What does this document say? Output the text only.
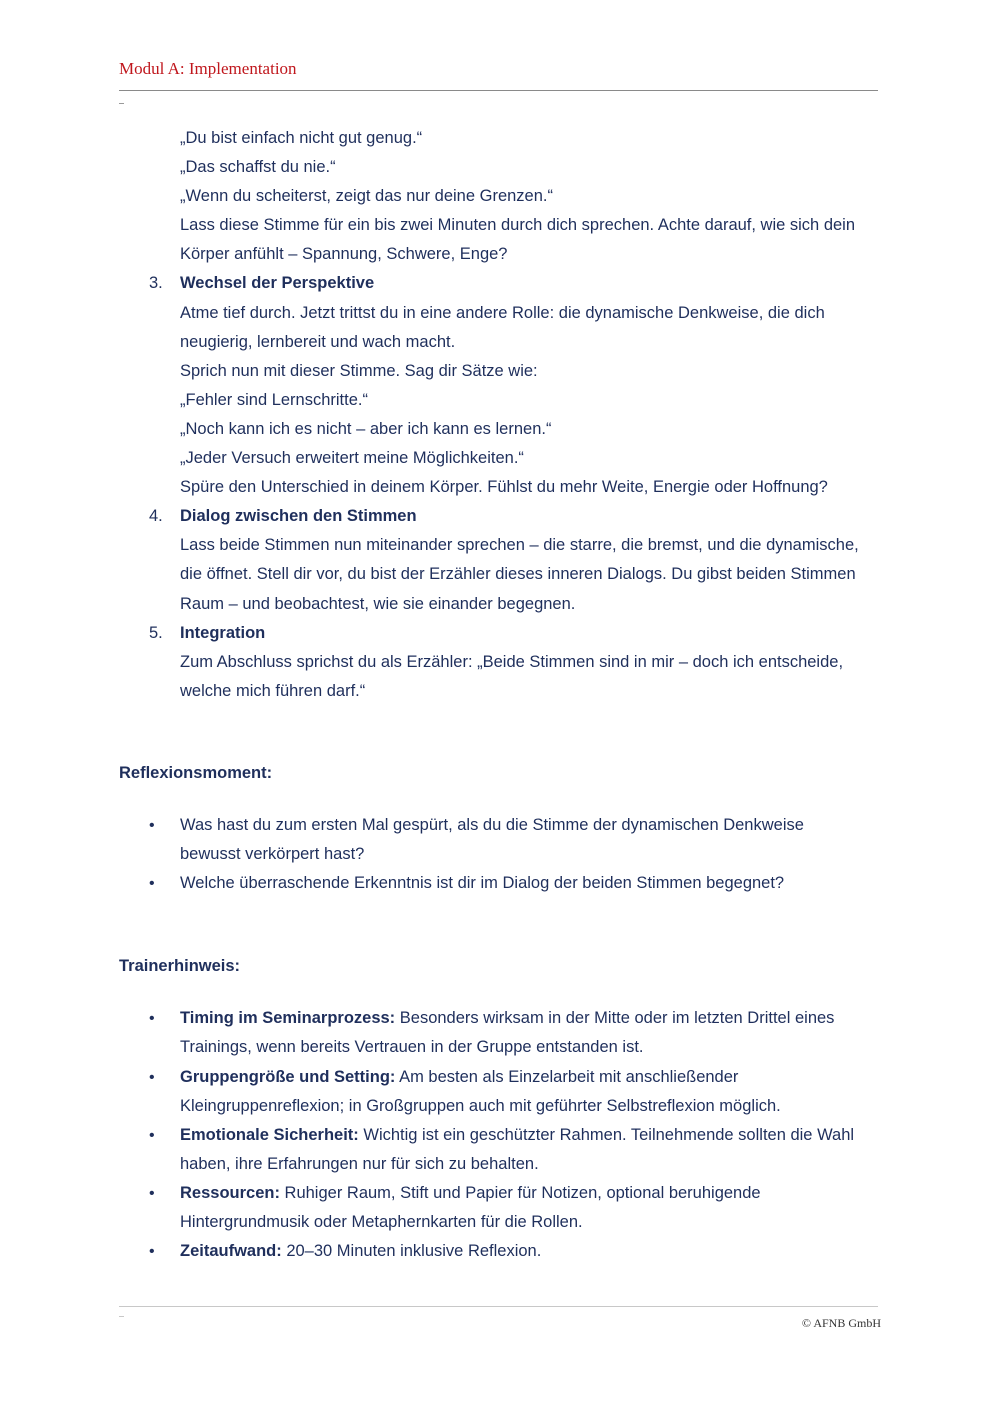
Modul A: Implementation
„Du bist einfach nicht gut genug.“
„Das schaffst du nie.“
„Wenn du scheiterst, zeigt das nur deine Grenzen.“
Lass diese Stimme für ein bis zwei Minuten durch dich sprechen. Achte darauf, wie sich dein
Körper anfühlt – Spannung, Schwere, Enge?
3. Wechsel der Perspektive
Atme tief durch. Jetzt trittst du in eine andere Rolle: die dynamische Denkweise, die dich
neugierig, lernbereit und wach macht.
Sprich nun mit dieser Stimme. Sag dir Sätze wie:
„Fehler sind Lernschritte.“
„Noch kann ich es nicht – aber ich kann es lernen.“
„Jeder Versuch erweitert meine Möglichkeiten.“
Spüre den Unterschied in deinem Körper. Fühlst du mehr Weite, Energie oder Hoffnung?
4. Dialog zwischen den Stimmen
Lass beide Stimmen nun miteinander sprechen – die starre, die bremst, und die dynamische,
die öffnet. Stell dir vor, du bist der Erzähler dieses inneren Dialogs. Du gibst beiden Stimmen
Raum – und beobachtest, wie sie einander begegnen.
5. Integration
Zum Abschluss sprichst du als Erzähler: „Beide Stimmen sind in mir – doch ich entscheide,
welche mich führen darf.“
Reflexionsmoment:
• Was hast du zum ersten Mal gespürt, als du die Stimme der dynamischen Denkweise
bewusst verkörpert hast?
• Welche überraschende Erkenntnis ist dir im Dialog der beiden Stimmen begegnet?
Trainerhinweis:
• Timing im Seminarprozess: Besonders wirksam in der Mitte oder im letzten Drittel eines
Trainings, wenn bereits Vertrauen in der Gruppe entstanden ist.
• Gruppengröße und Setting: Am besten als Einzelarbeit mit anschließender
Kleingruppenreflexion; in Großgruppen auch mit geführter Selbstreflexion möglich.
• Emotionale Sicherheit: Wichtig ist ein geschützter Rahmen. Teilnehmende sollten die Wahl
haben, ihre Erfahrungen nur für sich zu behalten.
• Ressourcen: Ruhiger Raum, Stift und Papier für Notizen, optional beruhigende
Hintergrundmusik oder Metaphernkarten für die Rollen.
• Zeitaufwand: 20–30 Minuten inklusive Reflexion.
© AFNB GmbH
